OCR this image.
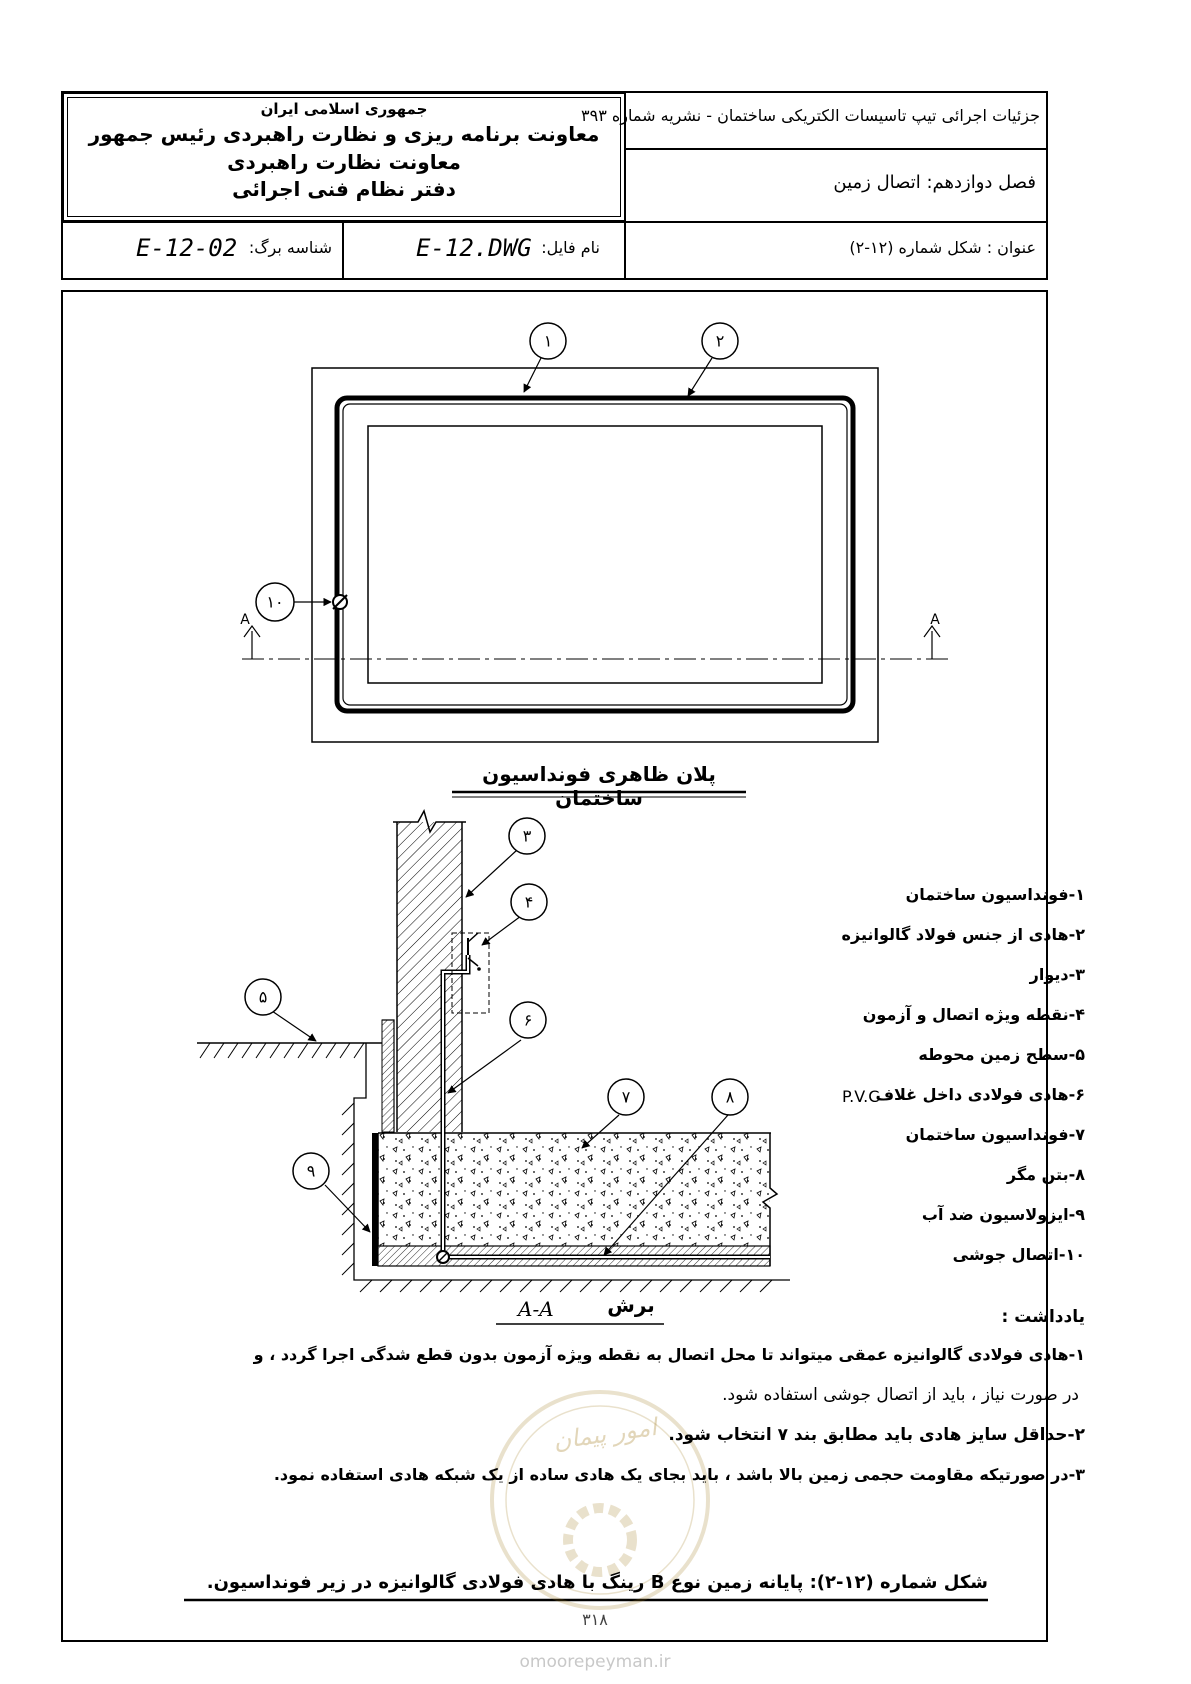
جمهوری اسلامی ایران
معاونت برنامه ریزی و نظارت راهبردی رئیس جمهور
معاونت نظارت راهبردی
دفتر نظام فنی اجرائی
جزئیات اجرائی تیپ تاسیسات الکتریکی ساختمان - نشریه شماره ۳۹۳
فصل دوازدهم: اتصال زمین
عنوان : شکل شماره (۱۲-۲)
نام فایل:
E-12.DWG
شناسه برگ:
E-12-02
۱	۲
۱۰
۳
۴
۵
۶
۷	۸
۹
A	A
پلان ظاهری فونداسیون ساختمان
A-A	برش
۱-فونداسیون ساختمان
۲-هادی از جنس فولاد گالوانیزه
۳-دیوار
۴-نقطه ویژه اتصال و آزمون
۵-سطح زمین محوطه
۶-هادی فولادی داخل غلاف
P.V.C
۷-فونداسیون ساختمان
۸-بتن مگر
۹-ایزولاسیون ضد آب
۱۰-اتصال جوشی
یادداشت :
۱-هادی فولادی گالوانیزه عمقی میتواند تا محل اتصال به نقطه ویژه آزمون بدون قطع شدگی اجرا گردد ، و
در صورت نیاز ، باید از اتصال جوشی استفاده شود.
۲-حداقل سایز هادی باید مطابق بند ۷ انتخاب شود.
۳-در صورتیکه مقاومت حجمی زمین بالا باشد ، باید بجای یک هادی ساده از یک شبکه هادی استفاده نمود.
شکل شماره (۱۲-۲): پایانه زمین نوع B رینگ با هادی فولادی گالوانیزه در زیر فونداسیون.
۳۱۸
امور پیمان
omoorepeyman.ir
